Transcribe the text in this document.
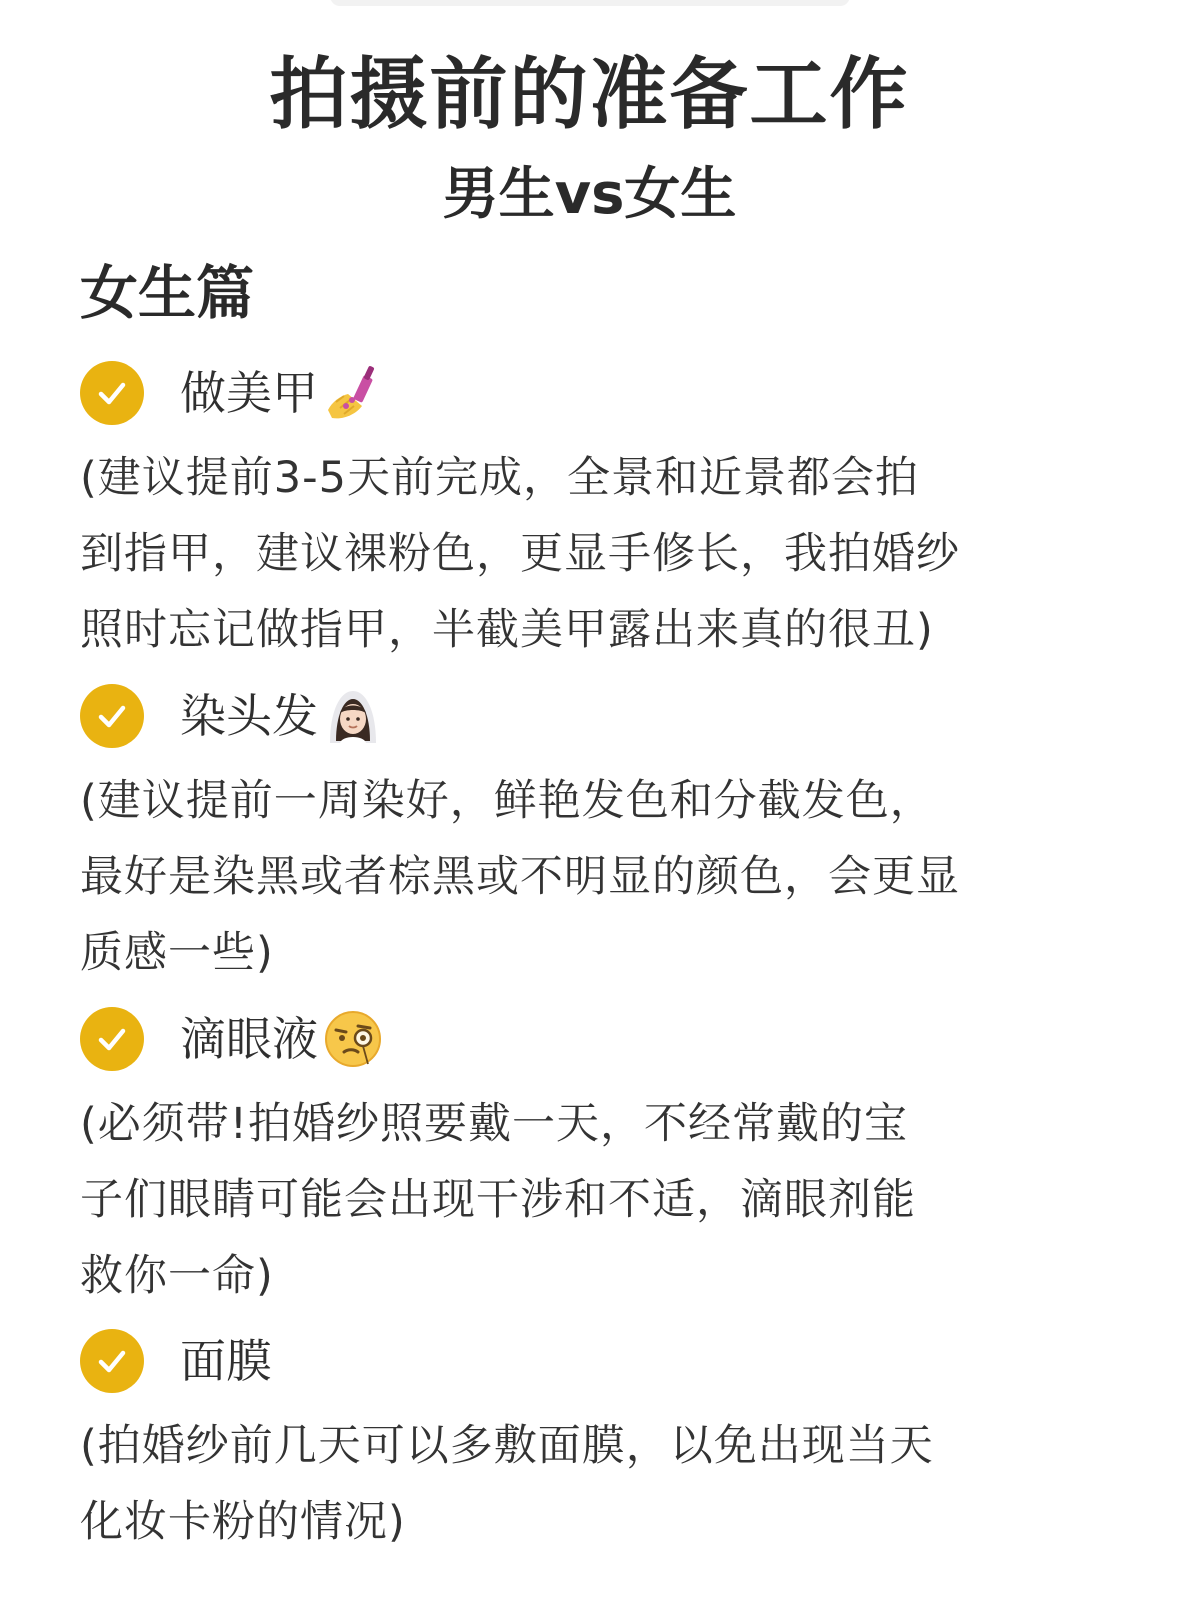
拍摄前的准备工作
男生vs女生
女生篇
做美甲
(建议提前3-5天前完成，全景和近景都会拍
到指甲，建议裸粉色，更显手修长，我拍婚纱
照时忘记做指甲，半截美甲露出来真的很丑)
染头发
(建议提前一周染好，鲜艳发色和分截发色，
最好是染黑或者棕黑或不明显的颜色，会更显
质感一些)
滴眼液
(必须带!拍婚纱照要戴一天，不经常戴的宝
子们眼睛可能会出现干涉和不适，滴眼剂能
救你一命)
面膜
(拍婚纱前几天可以多敷面膜，以免出现当天
化妆卡粉的情况)
